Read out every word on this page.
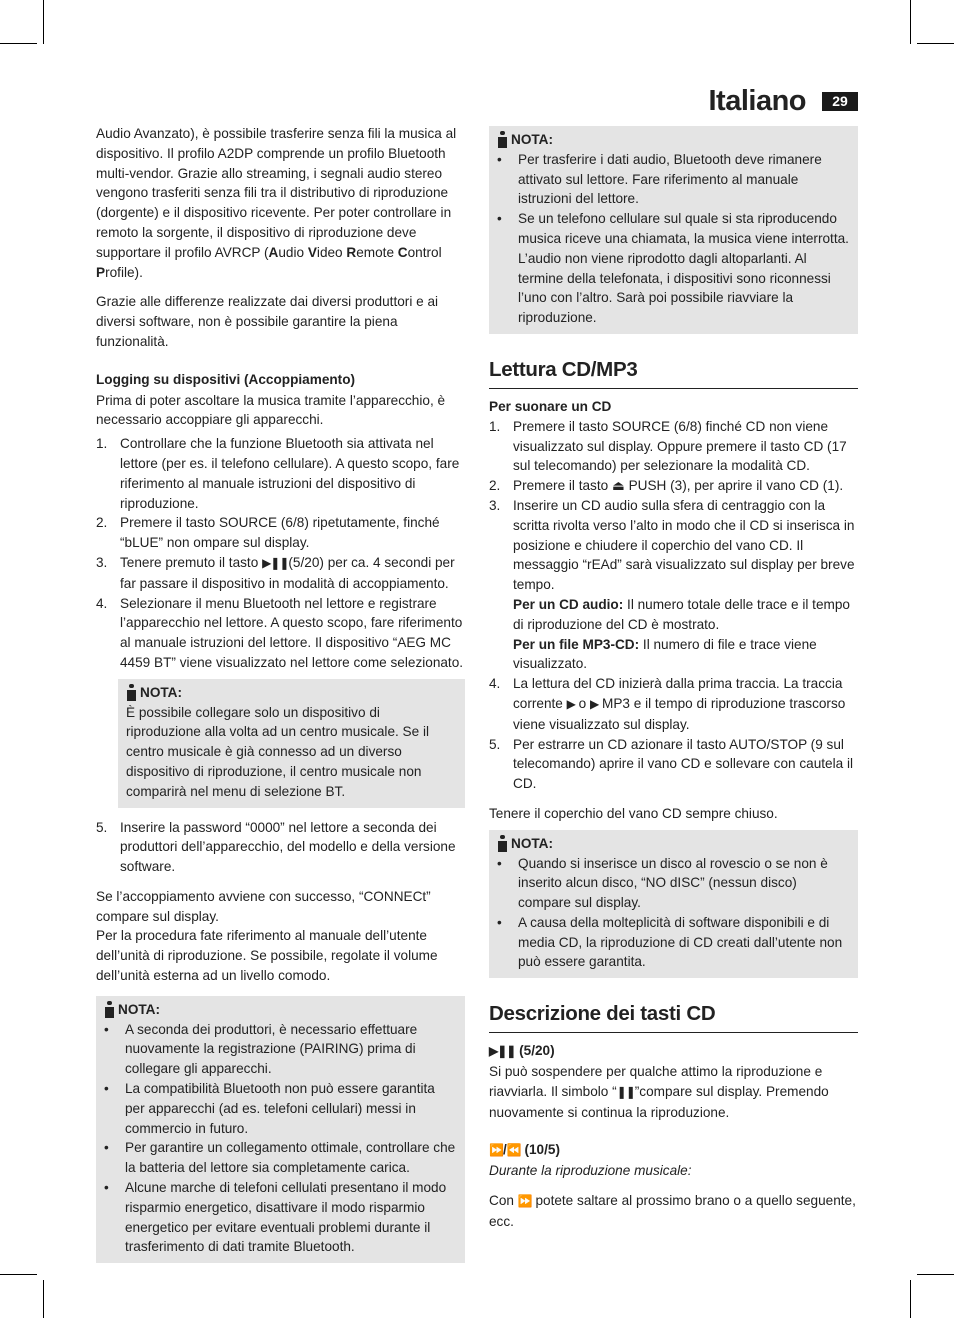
Italiano	29

Audio Avanzato), è possibile trasferire senza fili la musica al dispositivo. Il profilo A2DP comprende un profilo Bluetooth multi-vendor. Grazie allo streaming, i segnali audio stereo vengono trasferiti senza fili tra il distributivo di riproduzione (dorgente) e il dispositivo ricevente. Per poter controllare in remoto la sorgente, il dispositivo di riproduzione deve supportare il profilo AVRCP (Audio Video Remote Control
Profile).

Grazie alle differenze realizzate dai diversi produttori e ai diversi software, non è possibile garantire la piena funzionalità.

Logging su dispositivi (Accoppiamento)

Prima di poter ascoltare la musica tramite l’apparecchio, è necessario accoppiare gli apparecchi.

1. Controllare che la funzione Bluetooth sia attivata nel lettore (per es. il telefono cellulare). A questo scopo, fare riferimento al manuale istruzioni del dispositivo di riproduzione.
2. Premere il tasto SOURCE (6/8) ripetutamente, finché “bLUE” non ompare sul display.
3. Tenere premuto il tasto ▶❚❚(5/20) per ca. 4 secondi per far passare il dispositivo in modalità di accoppiamento.
4. Selezionare il menu Bluetooth nel lettore e registrare l’apparecchio nel lettore. A questo scopo, fare riferimento al manuale istruzioni del lettore. Il dispositivo “AEG MC 4459 BT” viene visualizzato nel lettore come selezionato.
NOTA:

È possibile collegare solo un dispositivo di riproduzione alla volta ad un centro musicale. Se il centro musicale è già connesso ad un diverso dispositivo di riproduzione, il centro musicale non comparirà nel menu di selezione BT.

5. Inserire la password “0000” nel lettore a seconda dei produttori dell’apparecchio, del modello e della versione software.

Se l’accoppiamento avviene con successo, “CONNECt” compare sul display.

Per la procedura fate riferimento al manuale dell’utente dell’unità di riproduzione. Se possibile, regolate il volume dell’unità esterna ad un livello comodo.

NOTA:
• A seconda dei produttori, è necessario effettuare nuovamente la registrazione (PAIRING) prima di collegare gli apparecchi.
• La compatibilità Bluetooth non può essere garantita per apparecchi (ad es. telefoni cellulari) messi in commercio in futuro.
• Per garantire un collegamento ottimale, controllare che la batteria del lettore sia completamente carica.
• Alcune marche di telefoni cellulati presentano il modo risparmio energetico, disattivare il modo risparmio energetico per evitare eventuali problemi durante il trasferimento di dati tramite Bluetooth.
NOTA:
• Per trasferire i dati audio, Bluetooth deve rimanere attivato sul lettore. Fare riferimento al manuale istruzioni del lettore.
• Se un telefono cellulare sul quale si sta riproducendo musica riceve una chiamata, la musica viene interrotta. L’audio non viene riprodotto dagli altoparlanti. Al termine della telefonata, i dispositivi sono riconnessi l’uno con l’altro. Sarà poi possibile riavviare la riproduzione.
Lettura CD/MP3

Per suonare un CD

1. Premere il tasto SOURCE (6/8) finché CD non viene visualizzato sul display. Oppure premere il tasto CD (17 sul telecomando) per selezionare la modalità CD.
2. Premere il tasto ⏏ PUSH (3), per aprire il vano CD (1).
3. Inserire un CD audio sulla sfera di centraggio con la scritta rivolta verso l’alto in modo che il CD si inserisca in posizione e chiudere il coperchio del vano CD. Il messaggio “rEAd” sarà visualizzato sul display per breve tempo.
Per un CD audio: Il numero totale delle trace e il tempo di riproduzione del CD è mostrato.
Per un file MP3-CD: Il numero di file e trace viene visualizzato.
4. La lettura del CD inizierà dalla prima traccia. La traccia corrente ▶ o ▶ MP3 e il tempo di riproduzione trascorso viene visualizzato sul display.
5. Per estrarre un CD azionare il tasto AUTO/STOP (9 sul telecomando) aprire il vano CD e sollevare con cautela il CD.

Tenere il coperchio del vano CD sempre chiuso.

NOTA:
• Quando si inserisce un disco al rovescio o se non è inserito alcun disco, “NO dISC” (nessun disco) compare sul display.
• A causa della molteplicità di software disponibili e di media CD, la riproduzione di CD creati dall’utente non può essere garantita.
Descrizione dei tasti CD

▶❚❚ (5/20)

Si può sospendere per qualche attimo la riproduzione e riavviarla. Il simbolo “❚❚”compare sul display. Premendo nuovamente si continua la riproduzione.

⏩/⏪ (10/5)

Durante la riproduzione musicale:

Con ⏩ potete saltare al prossimo brano o a quello seguente, ecc.
